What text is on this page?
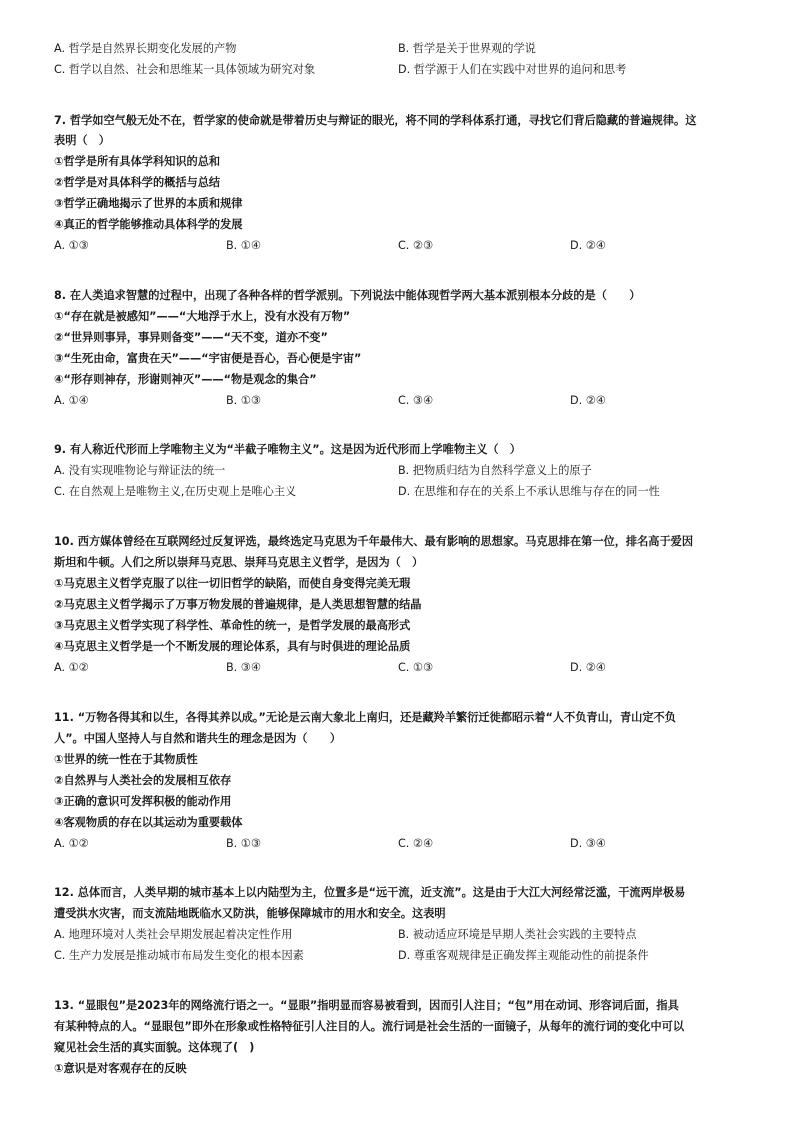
A. 哲学是自然界长期变化发展的产物	B. 哲学是关于世界观的学说
C. 哲学以自然、社会和思维某一具体领域为研究对象	D. 哲学源于人们在实践中对世界的追问和思考
7. 哲学如空气般无处不在，哲学家的使命就是带着历史与辩证的眼光，将不同的学科体系打通，寻找它们背后隐藏的普遍规律。这
表明（　）
①哲学是所有具体学科知识的总和
②哲学是对具体科学的概括与总结
③哲学正确地揭示了世界的本质和规律
④真正的哲学能够推动具体科学的发展
A. ①③	B. ①④	C. ②③	D. ②④
8. 在人类追求智慧的过程中，出现了各种各样的哲学派别。下列说法中能体现哲学两大基本派别根本分歧的是（　　）
①“存在就是被感知”——“大地浮于水上，没有水没有万物”
②“世异则事异，事异则备变”——“天不变，道亦不变”
③“生死由命，富贵在天”——“宇宙便是吾心，吾心便是宇宙”
④“形存则神存，形谢则神灭”——“物是观念的集合”
A. ①④	B. ①③	C. ③④	D. ②④
9. 有人称近代形而上学唯物主义为“半截子唯物主义”。这是因为近代形而上学唯物主义（　）
A. 没有实现唯物论与辩证法的统一	B. 把物质归结为自然科学意义上的原子
C. 在自然观上是唯物主义,在历史观上是唯心主义	D. 在思维和存在的关系上不承认思维与存在的同一性
10. 西方媒体曾经在互联网经过反复评选，最终选定马克思为千年最伟大、最有影响的思想家。马克思排在第一位，排名高于爱因
斯坦和牛顿。人们之所以崇拜马克思、崇拜马克思主义哲学，是因为（　）
①马克思主义哲学克服了以往一切旧哲学的缺陷，而使自身变得完美无瑕
②马克思主义哲学揭示了万事万物发展的普遍规律，是人类思想智慧的结晶
③马克思主义哲学实现了科学性、革命性的统一，是哲学发展的最高形式
④马克思主义哲学是一个不断发展的理论体系，具有与时俱进的理论品质
A. ①②	B. ③④	C. ①③	D. ②④
11. “万物各得其和以生，各得其养以成。”无论是云南大象北上南归，还是藏羚羊繁衍迁徙都昭示着“人不负青山，青山定不负
人”。中国人坚持人与自然和谐共生的理念是因为（　　）
①世界的统一性在于其物质性
②自然界与人类社会的发展相互依存
③正确的意识可发挥积极的能动作用
④客观物质的存在以其运动为重要载体
A. ①②	B. ①③	C. ②④	D. ③④
12. 总体而言，人类早期的城市基本上以内陆型为主，位置多是“远干流，近支流”。这是由于大江大河经常泛滥，干流两岸极易
遭受洪水灾害，而支流陆地既临水又防洪，能够保障城市的用水和安全。这表明
A. 地理环境对人类社会早期发展起着决定性作用	B. 被动适应环境是早期人类社会实践的主要特点
C. 生产力发展是推动城市布局发生变化的根本因素	D. 尊重客观规律是正确发挥主观能动性的前提条件
13. “显眼包”是2023年的网络流行语之一。“显眼”指明显而容易被看到，因而引人注目；“包”用在动词、形容词后面，指具
有某种特点的人。“显眼包”即外在形象或性格特征引人注目的人。流行词是社会生活的一面镜子，从每年的流行词的变化中可以
窥见社会生活的真实面貌。这体现了(　)
①意识是对客观存在的反映
